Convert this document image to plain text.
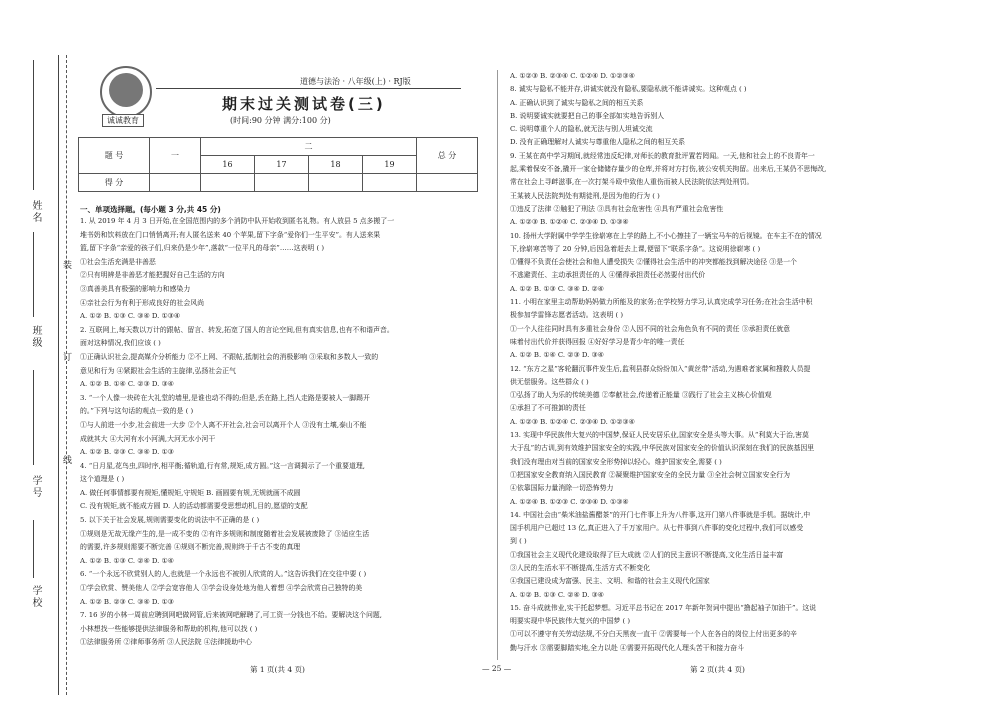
姓名
班级
学号
学校
装
订
线
诚诚教育
道德与法治 · 八年级(上) · RJ版
期末过关测试卷(三)
(时间:90 分钟 满分:100 分)
题 号	一	二				总 分
		16	17	18	19	
得 分						
一、单项选择题。(每小题 3 分,共 45 分)
1. 从 2019 年 4 月 3 日开始,在全国范围内的多个消防中队开始收到匿名礼物。有人放县 5 点多搬了一
堆书奶和饮料放在门口悄悄离开;有人匿名送来 40 个苹果,留下字条“爱你们一生平安”。有人送来果
篮,留下字条“亲爱的孩子们,归来仍是少年”,落款“一位平凡的母亲”……这表明 ( )
①社会生活充满是非善恶
②只有明辨是非善恶才能把握好自己生活的方向
③真善美具有极强的影响力和感染力
④亲社会行为有利于形成良好的社会风尚
A. ①② B. ①③ C. ③④ D. ①③④
2. 互联网上,每天数以万计的跟帖、留言、转发,拓宽了国人的言论空间,但有真实信息,也有不和谐声音。
面对这种情况,我们应该 ( )
①正确认识社会,提高媒介分析能力 ②不上网、不跟帖,抵制社会的消极影响 ③采取和多数人一致的
意见和行为 ④紧跟社会生活的主旋律,弘扬社会正气
A. ①② B. ①④ C. ②③ D. ③④
3. “一个人像一块砖在大礼堂的墙里,是谁也动不得的;但是,丢在路上,挡人走路是要被人一脚踢开
的。”下列与这句话的观点一致的是 ( )
①与人前进一小步,社会前进一大步 ②个人离不开社会,社会可以离开个人 ③没有土壤,泰山不能
成就其大 ④大河有水小河满,大河无水小河干
A. ①② B. ②③ C. ③④ D. ①③
4. “日月星,花鸟虫,四时序,相平衡;循轨道,行有常,规矩,成方圆。”这一言调揭示了一个重要道理,
这个道理是 ( )
A. 做任何事情都要有规矩,懂规矩,守规矩 B. 画圆要有规,无规就画不成圆
C. 没有规矩,就不能成方圆 D. 人的活动都需要受思想动机,目的,愿望的支配
5. 以下关于社会发展,规则需要变化的说法中不正确的是 ( )
①规则是无故无缘产生的,是一成不变的 ②有许多规则和制度随着社会发展被废除了 ③适应生活
的需要,许多规则需要不断完善 ④规则不断完善,规则终于千古不变的真理
A. ①② B. ①③ C. ②④ D. ①④
6. “一个永远不欣赏别人的人,也就是一个永远也不被别人欣赏的人。”这告诉我们在交往中要 ( )
①学会欣赏、赞美他人 ②学会宽容他人 ③学会设身处地为他人着想 ④学会欣赏自己独特的美
A. ①② B. ②③ C. ③④ D. ①③
7. 16 岁的小林一周前应聘到网吧做网管,后来被网吧解聘了,可工资一分钱也不给。要解决这个问题,
小林想找一些能够提供法律服务和帮助的机构,他可以找 ( )
①法律服务所 ②律师事务所 ③人民法院 ④法律援助中心
A. ①②③ B. ②③④ C. ①②④ D. ①②③④
8. 诚实与隐私不能并存,讲诚实就没有隐私,要隐私就不能讲诚实。这种观点 ( )
A. 正确认识到了诚实与隐私之间的相互关系
B. 说明要诚实就要把自己的事全部如实地告诉别人
C. 说明尊重个人的隐私,就无法与别人坦诚交流
D. 没有正确理解对人诚实与尊重他人隐私之间的相互关系
9. 王某在高中学习期间,就经常违反纪律,对师长的教育批评置若罔闻。一天,他和社会上的不良青年一
起,乘着保安不备,撬开一家仓储储存量少的仓库,并将对方打伤,被公安机关拘留。出来后,王某仍不思悔改,
常在社会上寻衅滋事,在一次打架斗殴中致他人重伤而被人民法院依法判处刑罚。
王某被人民法院判处有期徒刑,是因为他的行为 ( )
①违反了法律 ②触犯了刑法 ③具有社会危害性 ④具有严重社会危害性
A. ①②③ B. ①②④ C. ②③④ D. ①③④
10. 扬州大学附属中学学生徐崭寒在上学的路上,不小心擦挂了一辆宝马车的后视镜。在车主不在的情况
下,徐崭寒苦等了 20 分钟,后因急着赶去上课,便留下“联系字条”。这说明徐崭寒 ( )
①懂得不负责任会使社会和他人遭受损失 ②懂得社会生活中的冲突都能找到解决途径 ③是一个
不逃避责任、主动承担责任的人 ④懂得承担责任必然要付出代价
A. ①② B. ①③ C. ③④ D. ②④
11. 小明在家里主动帮助妈妈做力所能及的家务;在学校努力学习,认真完成学习任务;在社会生活中积
极参加学雷锋志愿者活动。这表明 ( )
①一个人往往同时具有多重社会身份 ②人因不同的社会角色负有不同的责任 ③承担责任就意
味着付出代价并获得回报 ④好好学习是青少年的唯一责任
A. ①② B. ①④ C. ②③ D. ③④
12. “东方之星”客轮翻沉事件发生后,监利县群众纷纷加入“黄丝带”活动,为遇难者家属和搜救人员提
供无偿服务。这些群众 ( )
①弘扬了助人为乐的传统美德 ②奉献社会,传递着正能量 ③践行了社会主义核心价值观
④承担了不可推卸的责任
A. ①②③ B. ①②④ C. ②③④ D. ①②③④
13. 实现中华民族伟大复兴的中国梦,保证人民安居乐业,国家安全是头等大事。从“利莫大于治,害莫
大于乱”的古训,到有效维护国家安全的实践,中华民族对国家安全的价值认识深刻在我们的民族基因里
我们没有理由对当前的国家安全形势掉以轻心。维护国家安全,需要 ( )
①把国家安全教育纳入国民教育 ②凝聚维护国家安全的全民力量 ③全社会树立国家安全行为
④依靠国际力量消除一切恐怖势力
A. ①②④ B. ①②③ C. ②③④ D. ①③④
14. 中国社会由“柴米油盐酱醋茶”的开门七件事上升为八件事,这开门第八件事就是手机。据统计,中
国手机用户已超过 13 亿,真正进入了千万家用户。从七件事到八件事的变化过程中,我们可以感受
到 ( )
①我国社会主义现代化建设取得了巨大成就 ②人们的民主意识不断提高,文化生活日益丰富
③人民的生活水平不断提高,生活方式不断变化
④我国已建设成为富强、民主、文明、和谐的社会主义现代化国家
A. ①② B. ①③ C. ②④ D. ③④
15. 奋斗成就伟业,实干托起梦想。习近平总书记在 2017 年新年贺词中提出“撸起袖子加油干”。这说
明要实现中华民族伟大复兴的中国梦 ( )
①可以不遵守有关劳动法规,不分白天黑夜一直干 ②需要每一个人在各自的岗位上付出更多的辛
勤与汗水 ③需要脚踏实地,全力以赴 ④需要开拓现代化人理头苦干和接力奋斗
第 1 页(共 4 页)	— 25 —	第 2 页(共 4 页)
